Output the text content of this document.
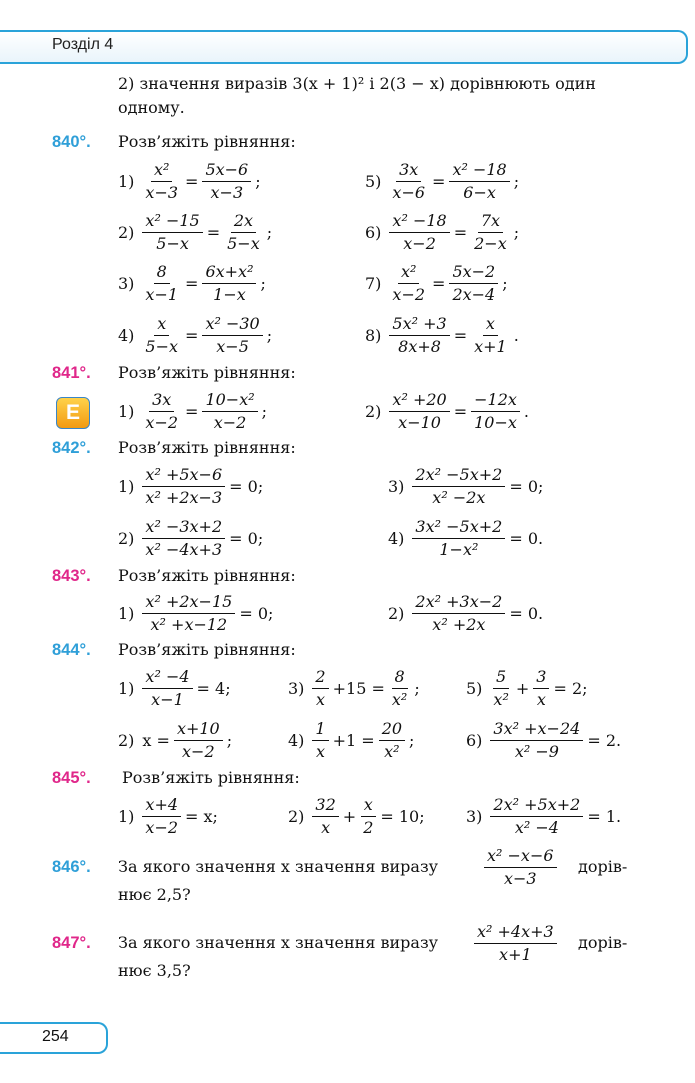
Розділ 4
2) значення виразів 3(x + 1)² і 2(3 − x) дорівнюють один
одному.
840°. Розв’яжіть рівняння:
$1) \frac{\text{x²}}{x-3} = \frac{5x-6}{x-3}$ ;
$2) \frac{\text{x² −15}}{5-x} = \frac{2x}{5-x}$ ;
$3) \frac{8}{x-1} = \frac{\text{6x+x²}}{1-x}$ ;
$4) \frac{x}{5-x} = \frac{\text{x² −30}}{x-5}$ ;
$5) \frac{3x}{x-6} = \frac{\text{x² −18}}{6-x}$ ;
$6) \frac{\text{x² −18}}{x-2} = \frac{7x}{2-x}$ ;
$7) \frac{\text{x²}}{x-2} = \frac{5x-2}{2x-4}$ ;
$8) \frac{\text{5x² +3}}{8x+8} = \frac{x}{x+1}$ .
841°. Розв’яжіть рівняння:
E	$1) \frac{3x}{x-2} = \frac{\text{10−x²}}{x-2}$ ;	$2) \frac{\text{x² +20}}{x-10} = \frac{-12x}{10-x}$ .
842°. Розв’яжіть рівняння:
$1) \frac{\text{x² +5x−6}}{\text{x² +2x−3}} = 0$;
$2) \frac{\text{x² −3x+2}}{\text{x² −4x+3}} = 0$;
$3) \frac{\text{2x² −5x+2}}{\text{x² −2x}} = 0$;
$4) \frac{\text{3x² −5x+2}}{\text{1−x²}} = 0$.
843°. Розв’яжіть рівняння:
$1) \frac{\text{x² +2x−15}}{\text{x² +x−12}} = 0$;	$2) \frac{\text{2x² +3x−2}}{\text{x² +2x}} = 0$.
844°. Розв’яжіть рівняння:
$1) \frac{\text{x² −4}}{x-1} = 4$;
2) $x = \frac{x+10}{x-2}$ ;
$3) \frac{2}{x} +15 = \frac{8}{\text{x²}}$ ;
$4) \frac{1}{x} +1 = \frac{20}{\text{x²}}$ ;
$5) \frac{5}{\text{x²}} + \frac{3}{x} = 2$;
$6) \frac{\text{3x² +x−24}}{\text{x² −9}} = 2$.
845°. Розв’яжіть рівняння:
$1) \frac{x+4}{x-2} = x$;	$2) \frac{32}{x} + \frac{x}{2} = 10$;	$3) \frac{\text{2x² +5x+2}}{\text{x² −4}} = 1$.
846°. За якого значення x значення виразу	$\frac{\text{x² −x−6}}{x-3}$ дорів-
нює 2,5?
847°. За якого значення x значення виразу $\frac{\text{x² +4x+3}}{x+1}$ дорів-
нює 3,5?
254
